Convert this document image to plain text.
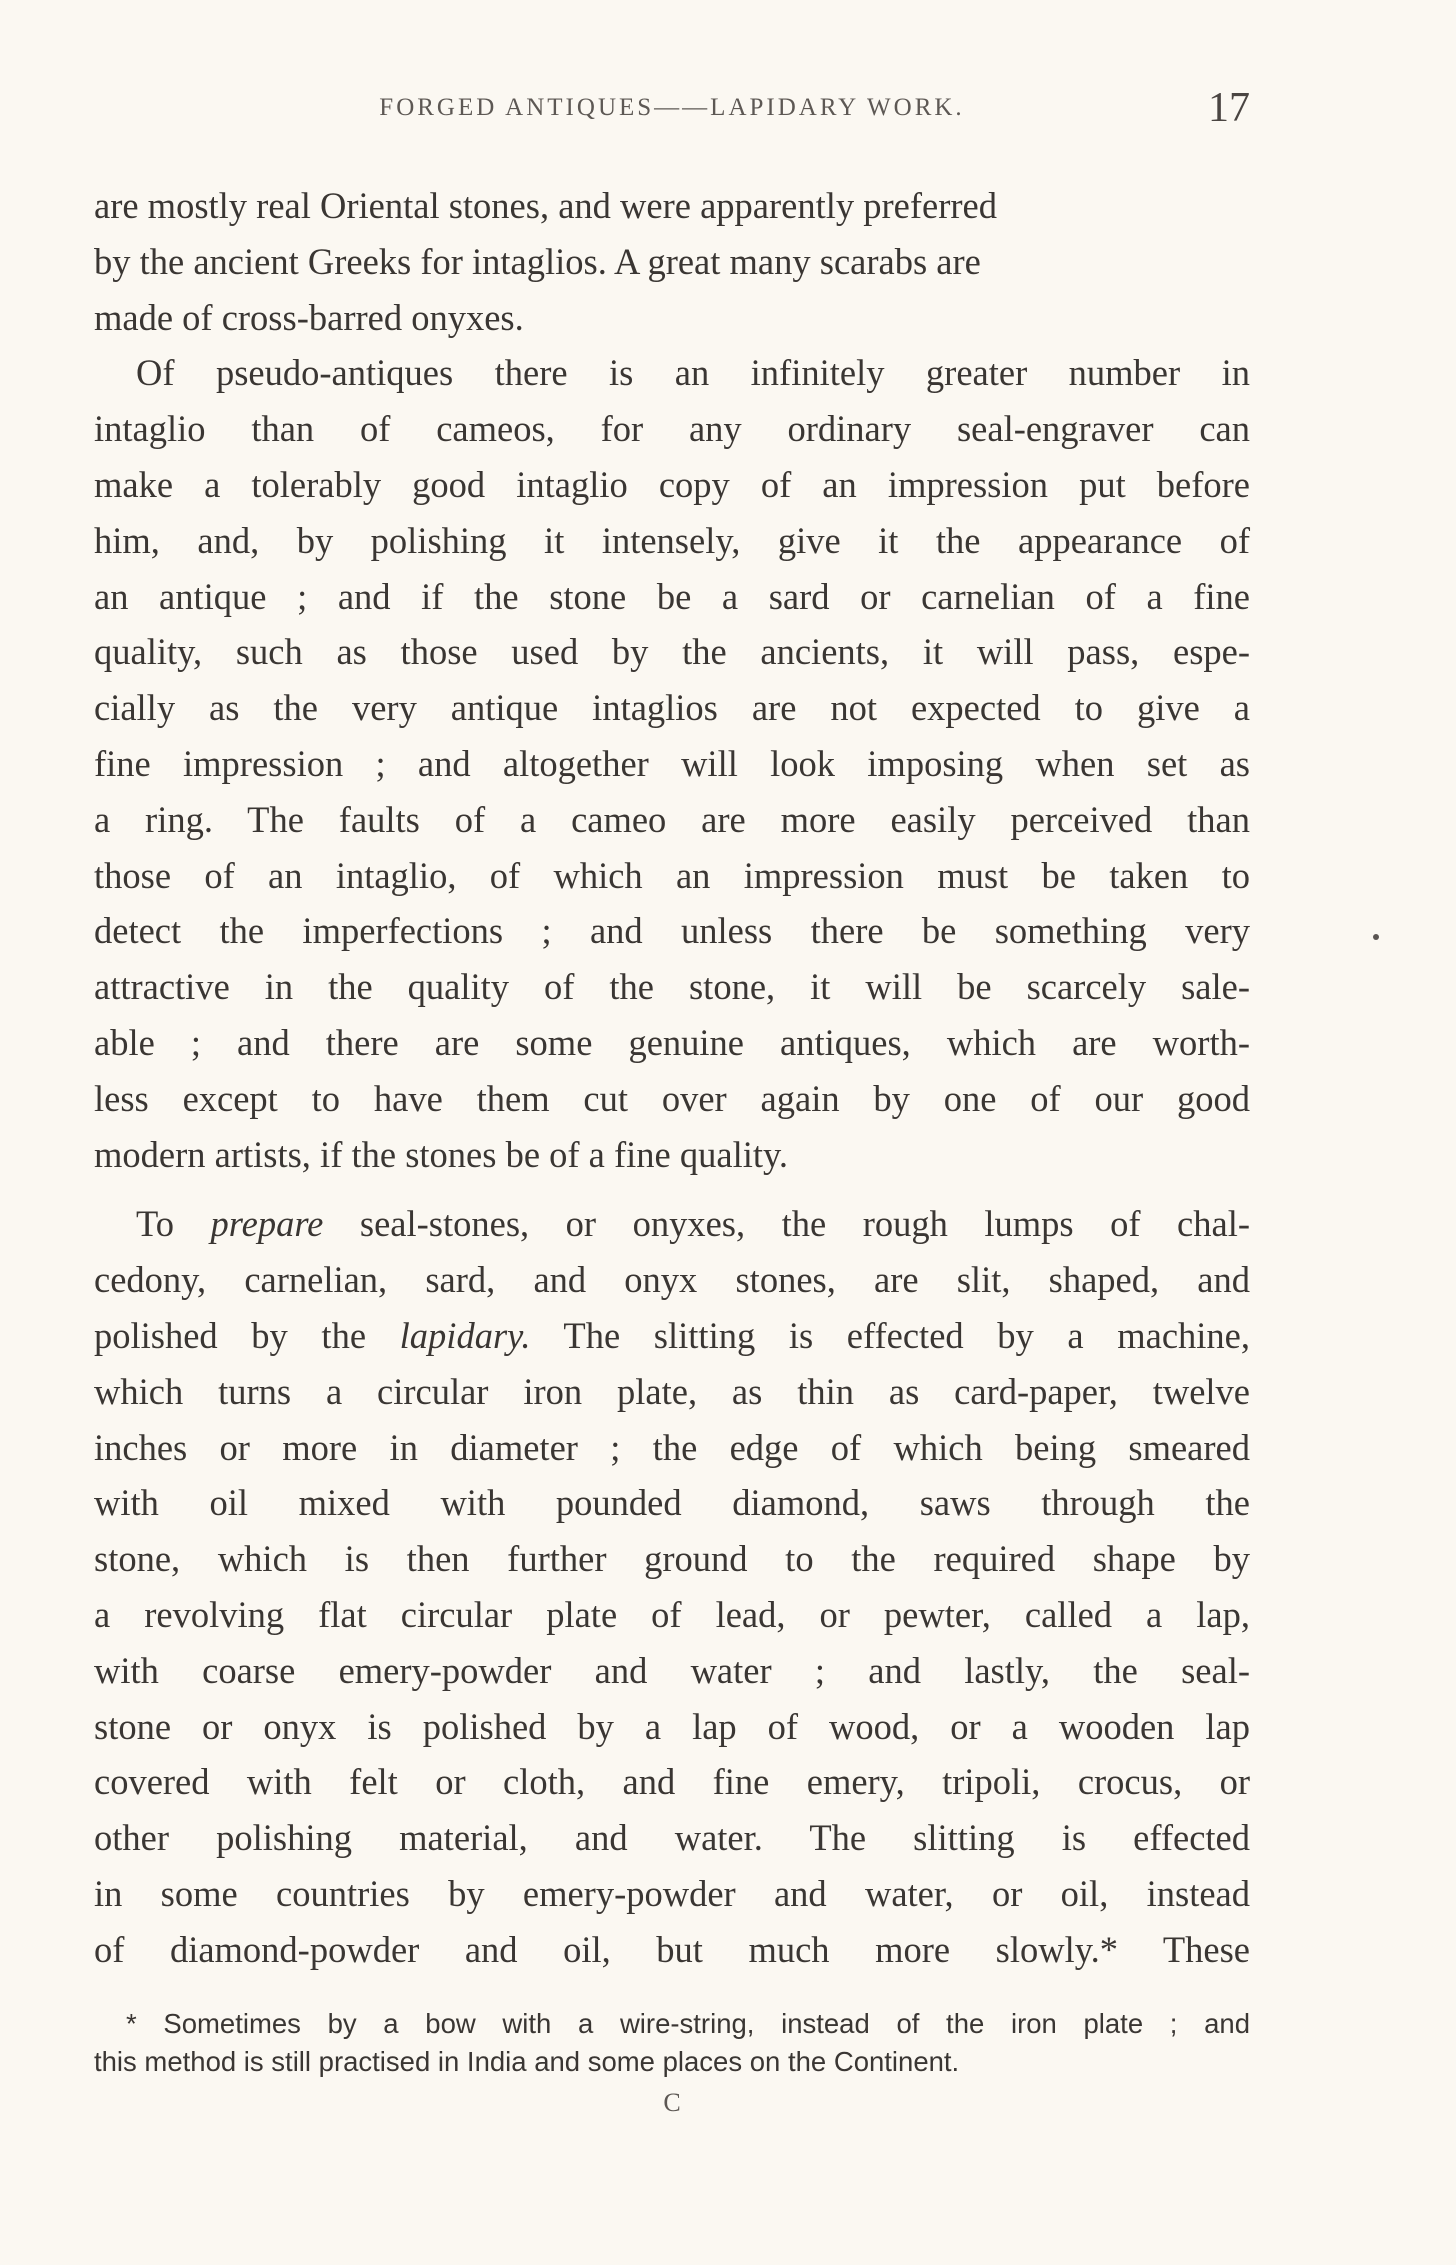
FORGED ANTIQUES——LAPIDARY WORK.	17
are mostly real Oriental stones, and were apparently preferred
by the ancient Greeks for intaglios. A great many scarabs are
made of cross-barred onyxes.
Of pseudo-antiques there is an infinitely greater number in
intaglio than of cameos, for any ordinary seal-engraver can
make a tolerably good intaglio copy of an impression put before
him, and, by polishing it intensely, give it the appearance of
an antique ; and if the stone be a sard or carnelian of a fine
quality, such as those used by the ancients, it will pass, espe-
cially as the very antique intaglios are not expected to give a
fine impression ; and altogether will look imposing when set as
a ring. The faults of a cameo are more easily perceived than
those of an intaglio, of which an impression must be taken to
detect the imperfections ; and unless there be something very
attractive in the quality of the stone, it will be scarcely sale-
able ; and there are some genuine antiques, which are worth-
less except to have them cut over again by one of our good
modern artists, if the stones be of a fine quality.
To prepare seal-stones, or onyxes, the rough lumps of chal-
cedony, carnelian, sard, and onyx stones, are slit, shaped, and
polished by the lapidary. The slitting is effected by a machine,
which turns a circular iron plate, as thin as card-paper, twelve
inches or more in diameter ; the edge of which being smeared
with oil mixed with pounded diamond, saws through the
stone, which is then further ground to the required shape by
a revolving flat circular plate of lead, or pewter, called a lap,
with coarse emery-powder and water ; and lastly, the seal-
stone or onyx is polished by a lap of wood, or a wooden lap
covered with felt or cloth, and fine emery, tripoli, crocus, or
other polishing material, and water. The slitting is effected
in some countries by emery-powder and water, or oil, instead
of diamond-powder and oil, but much more slowly.* These
* Sometimes by a bow with a wire-string, instead of the iron plate ; and
this method is still practised in India and some places on the Continent.
C
